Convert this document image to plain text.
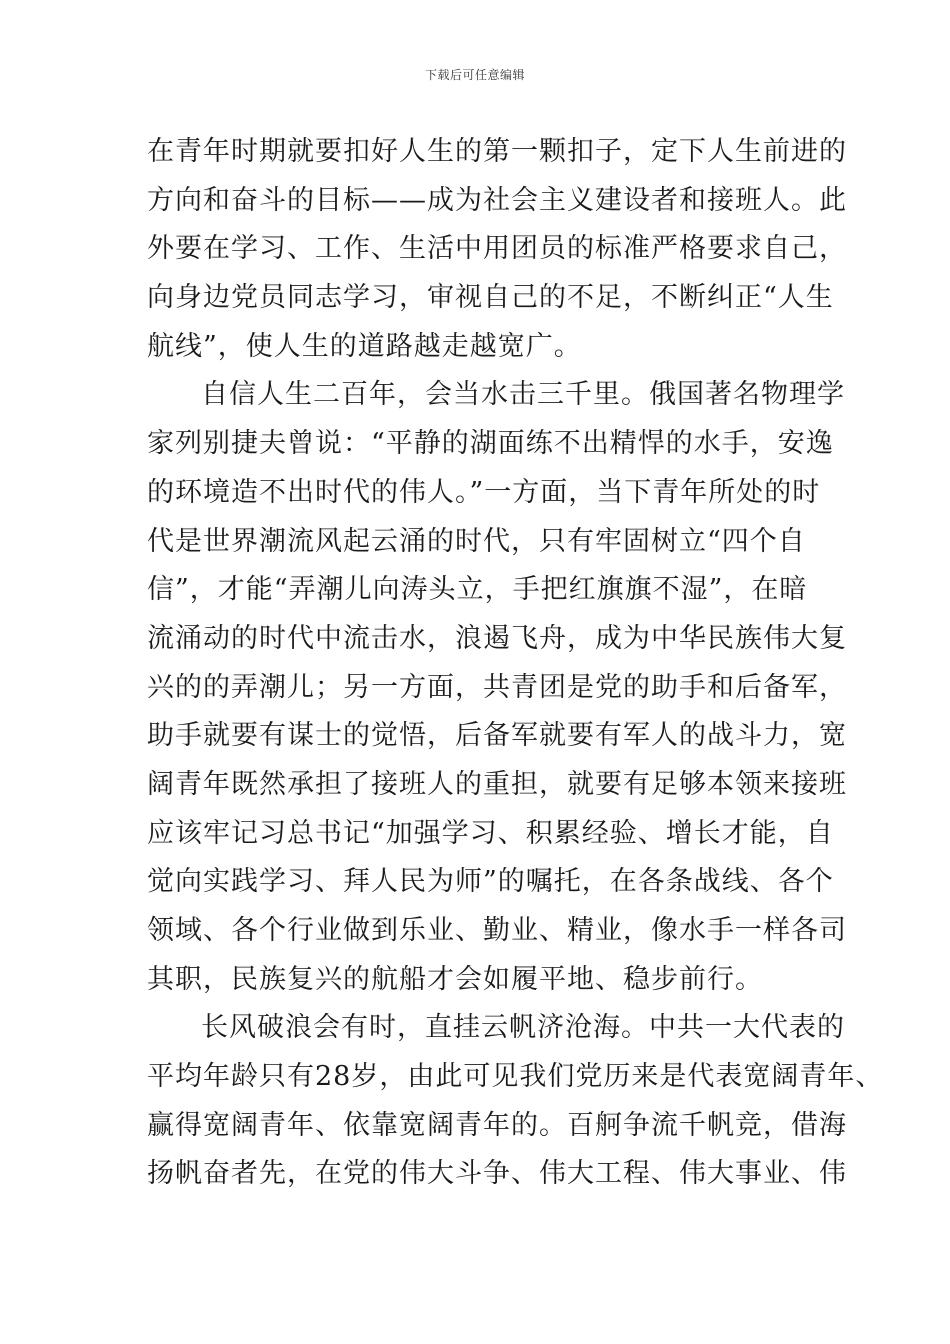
下载后可任意编辑
在青年时期就要扣好人生的第一颗扣子，定下人生前进的
方向和奋斗的目标——成为社会主义建设者和接班人。此
外要在学习、工作、生活中用团员的标准严格要求自己，
向身边党员同志学习，审视自己的不足，不断纠正“人生
航线”，使人生的道路越走越宽广。
自信人生二百年，会当水击三千里。俄国著名物理学
家列别捷夫曾说：“平静的湖面练不出精悍的水手，安逸
的环境造不出时代的伟人。”一方面，当下青年所处的时
代是世界潮流风起云涌的时代，只有牢固树立“四个自
信”，才能“弄潮儿向涛头立，手把红旗旗不湿”，在暗
流涌动的时代中流击水，浪遏飞舟，成为中华民族伟大复
兴的的弄潮儿；另一方面，共青团是党的助手和后备军，
助手就要有谋士的觉悟，后备军就要有军人的战斗力，宽
阔青年既然承担了接班人的重担，就要有足够本领来接班
应该牢记习总书记“加强学习、积累经验、增长才能，自
觉向实践学习、拜人民为师”的嘱托，在各条战线、各个
领域、各个行业做到乐业、勤业、精业，像水手一样各司
其职，民族复兴的航船才会如履平地、稳步前行。
长风破浪会有时，直挂云帆济沧海。中共一大代表的
平均年龄只有28岁，由此可见我们党历来是代表宽阔青年、
赢得宽阔青年、依靠宽阔青年的。百舸争流千帆竞，借海
扬帆奋者先，在党的伟大斗争、伟大工程、伟大事业、伟
